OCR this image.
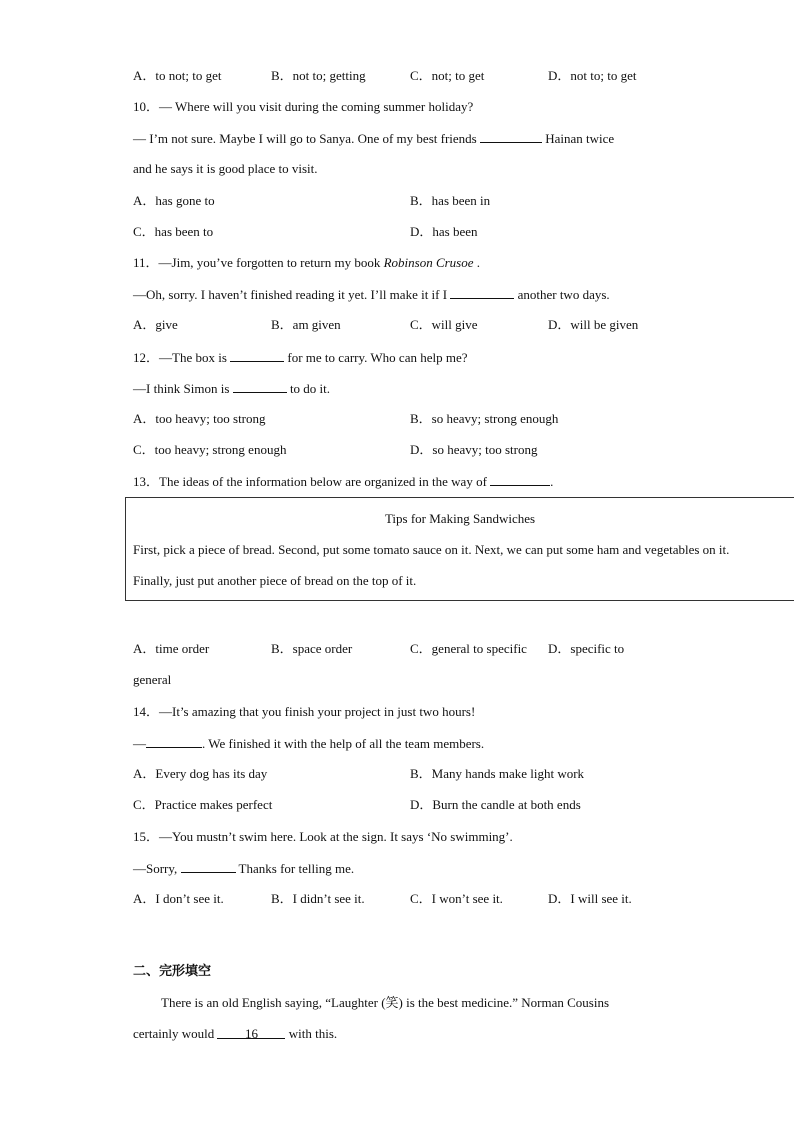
A．to not; to get	B．not to; getting	C．not; to get	D．not to; to get
10．— Where will you visit during the coming summer holiday?
— I’m not sure. Maybe I will go to Sanya. One of my best friends	Hainan twice
and he says it is good place to visit.
A．has gone to	B．has been in
C．has been to	D．has been
11．—Jim, you’ve forgotten to return my book Robinson Crusoe .
—Oh, sorry. I haven’t finished reading it yet. I’ll make it if I	another two days.
A．give	B．am given	C．will give	D．will be given
12．—The box is	for me to carry. Who can help me?
—I think Simon is	to do it.
A．too heavy; too strong	B．so heavy; strong enough
C．too heavy; strong enough	D．so heavy; too strong
13．The ideas of the information below are organized in the way of	.
Tips for Making Sandwiches
First, pick a piece of bread. Second, put some tomato sauce on it. Next, we can put some ham and vegetables on it.
Finally, just put another piece of bread on the top of it.
A．time order	B．space order	C．general to specific D．specific to
general
14．—It’s amazing that you finish your project in just two hours!
—	. We finished it with the help of all the team members.
A．Every dog has its day	B．Many hands make light work
C．Practice makes perfect	D．Burn the candle at both ends
15．—You mustn’t swim here. Look at the sign. It says ‘No swimming’.
—Sorry,	Thanks for telling me.
A．I don’t see it.	B．I didn’t see it.	C．I won’t see it.	D．I will see it.
二、完形填空
There is an old English saying, “Laughter (笑) is the best medicine.” Norman Cousins
certainly would 16 with this.
